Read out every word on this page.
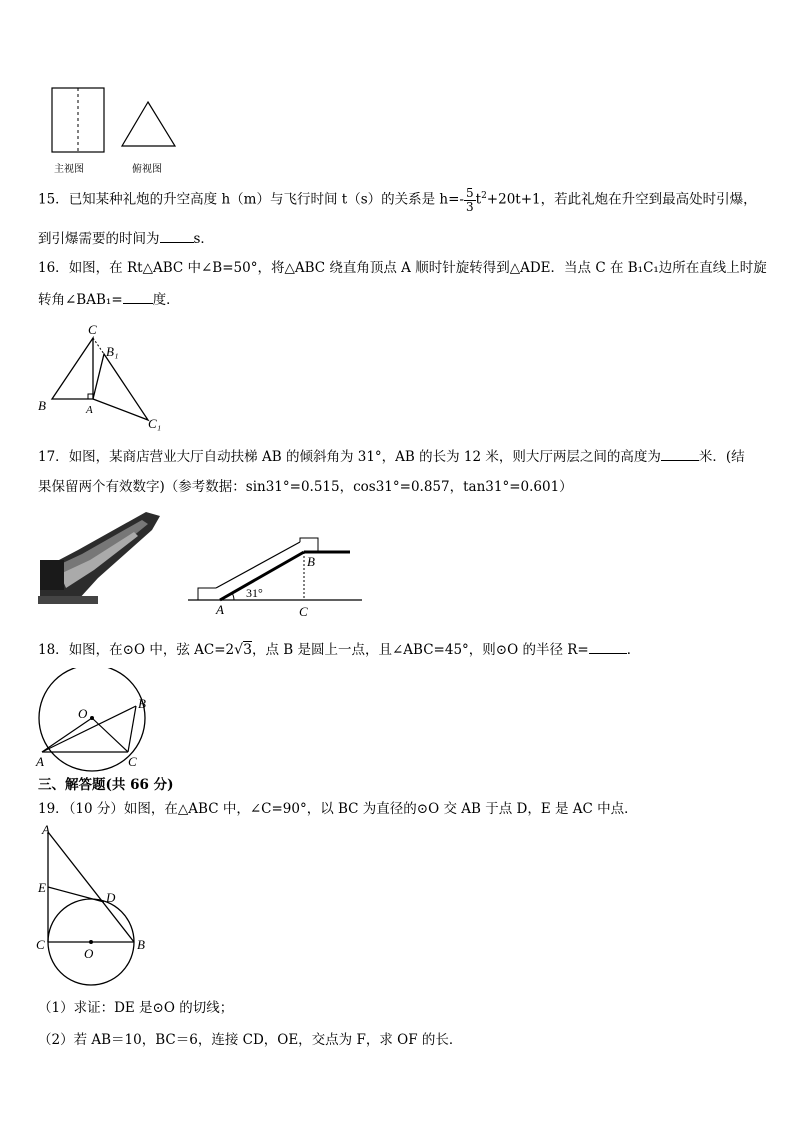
主视图	俯视图
15．已知某种礼炮的升空高度 h（m）与飞行时间 t（s）的关系是 $h=- \frac{5}{3} t^2+20t+1$，若此礼炮在升空到最高处时引爆，
到引爆需要的时间为	s．
16．如图，在 Rt△ABC 中∠B=50°，将△ABC 绕直角顶点 A 顺时针旋转得到△ADE．当点 C 在 B₁C₁边所在直线上时旋
转角∠BAB₁= 度．
C
B₁
B	A
C₁
17．如图，某商店营业大厅自动扶梯 AB 的倾斜角为 31°，AB 的长为 12 米，则大厅两层之间的高度为	米．(结
果保留两个有效数字)（参考数据：sin31°=0.515，cos31°=0.857，tan31°=0.601）
B
A	C
31°
18．如图，在⊙O 中，弦 AC=2√3，点 B 是圆上一点，且∠ABC=45°，则⊙O 的半径 R=	．
O
B
A	C
三、解答题(共 66 分)
19．（10 分）如图，在△ABC 中，∠C=90°，以 BC 为直径的⊙O 交 AB 于点 D，E 是 AC 中点．
A
E
D
C
O
B
（1）求证：DE 是⊙O 的切线；
（2）若 AB＝10，BC＝6，连接 CD，OE，交点为 F，求 OF 的长．
